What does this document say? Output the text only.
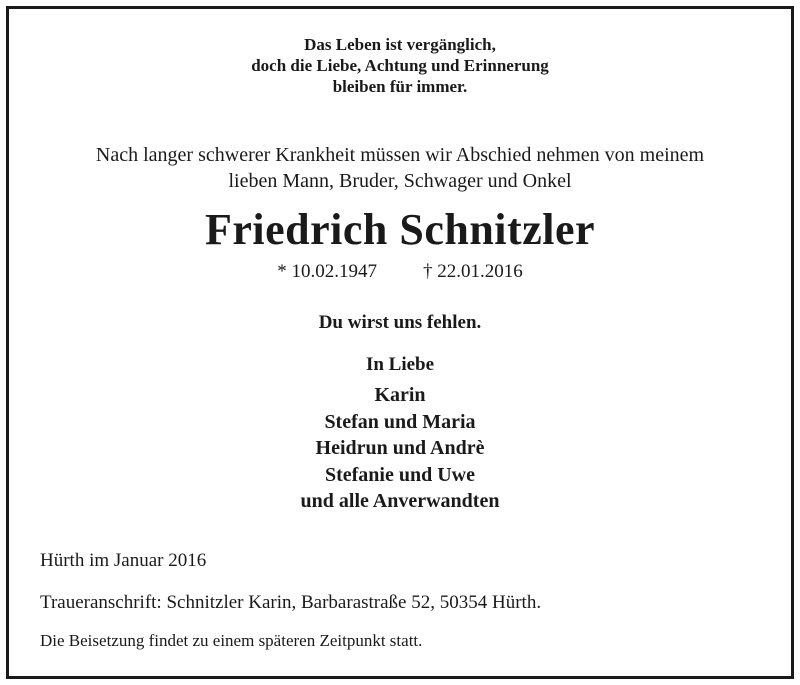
Das Leben ist vergänglich,
doch die Liebe, Achtung und Erinnerung
bleiben für immer.
Nach langer schwerer Krankheit müssen wir Abschied nehmen von meinem
lieben Mann, Bruder, Schwager und Onkel
Friedrich Schnitzler
* 10.02.1947 † 22.01.2016
Du wirst uns fehlen.
In Liebe
Karin
Stefan und Maria
Heidrun und Andrè
Stefanie und Uwe
und alle Anverwandten
Hürth im Januar 2016
Traueranschrift: Schnitzler Karin, Barbarastraße 52, 50354 Hürth.
Die Beisetzung findet zu einem späteren Zeitpunkt statt.
